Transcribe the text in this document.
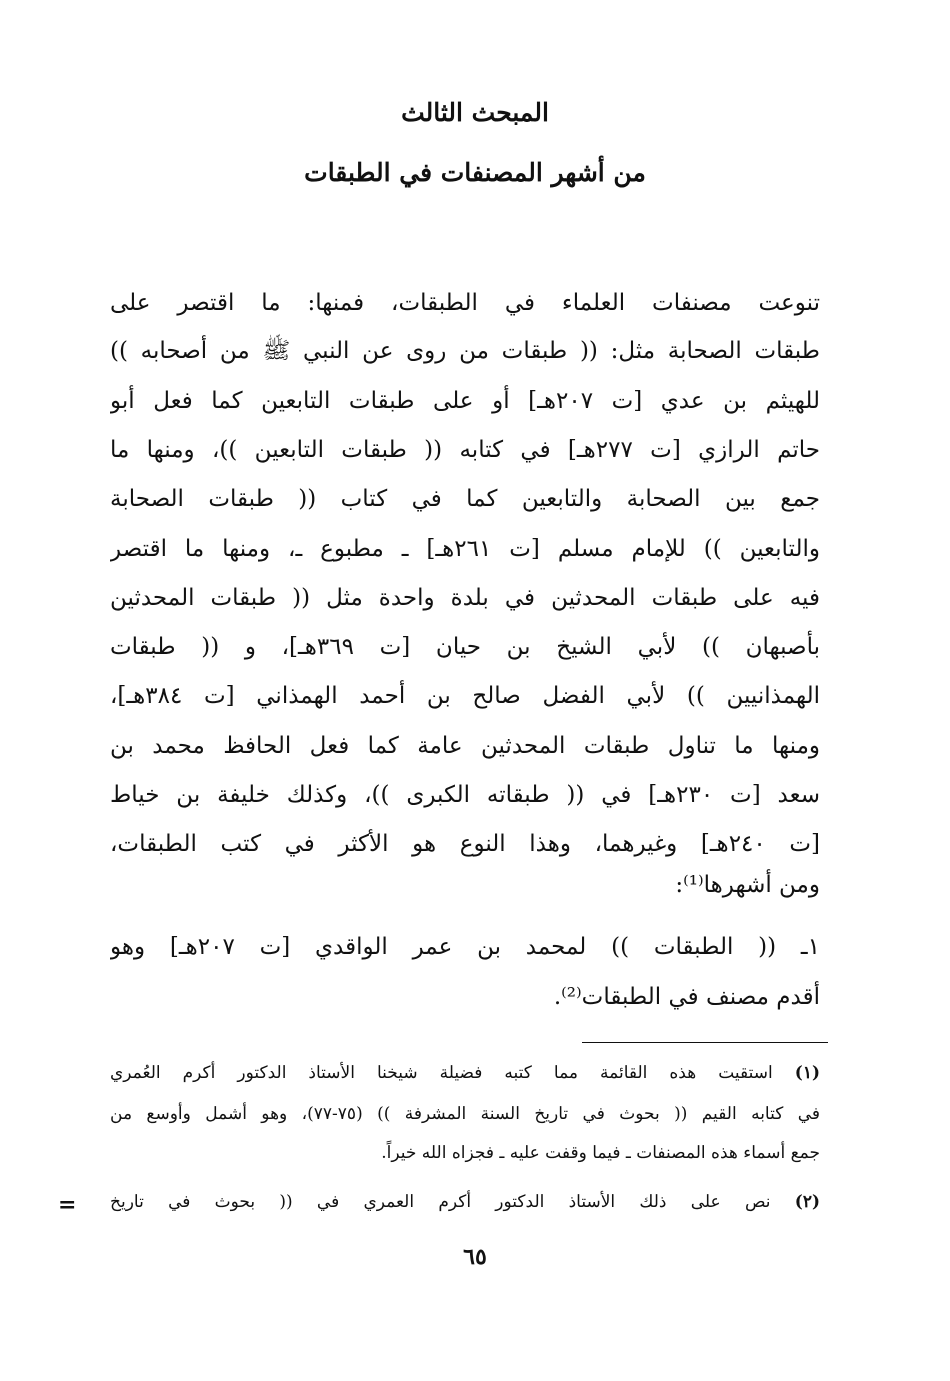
المبحث الثالث
من أشهر المصنفات في الطبقات
تنوعت مصنفات العلماء في الطبقات، فمنها: ما اقتصر على
طبقات الصحابة مثل: (( طبقات من روى عن النبي ﷺ من أصحابه ))
للهيثم بن عدي [ت ٢٠٧هـ] أو على طبقات التابعين كما فعل أبو
حاتم الرازي [ت ٢٧٧هـ] في كتابه (( طبقات التابعين ))، ومنها ما
جمع بين الصحابة والتابعين كما في كتاب (( طبقات الصحابة
والتابعين )) للإمام مسلم [ت ٢٦١هـ] ـ مطبوع ـ، ومنها ما اقتصر
فيه على طبقات المحدثين في بلدة واحدة مثل (( طبقات المحدثين
بأصبهان )) لأبي الشيخ بن حيان [ت ٣٦٩هـ]، و (( طبقات
الهمذانيين )) لأبي الفضل صالح بن أحمد الهمذاني [ت ٣٨٤هـ]،
ومنها ما تناول طبقات المحدثين عامة كما فعل الحافظ محمد بن
سعد [ت ٢٣٠هـ] في (( طبقاته الكبرى ))، وكذلك خليفة بن خياط
[ت ٢٤٠هـ] وغيرهما، وهذا النوع هو الأكثر في كتب الطبقات،
ومن أشهرها⁽¹⁾:
١ـ (( الطبقات )) لمحمد بن عمر الواقدي [ت ٢٠٧هـ] وهو
أقدم مصنف في الطبقات⁽²⁾.
(١) استقيت هذه القائمة مما كتبه فضيلة شيخنا الأستاذ الدكتور أكرم العُمري
في كتابه القيم (( بحوث في تاريخ السنة المشرفة )) (٧٥-٧٧)، وهو أشمل وأوسع من
جمع أسماء هذه المصنفات ـ فيما وقفت عليه ـ فجزاه الله خيراً.
(٢) نص على ذلك الأستاذ الدكتور أكرم العمري في (( بحوث في تاريخ
=
٦٥
